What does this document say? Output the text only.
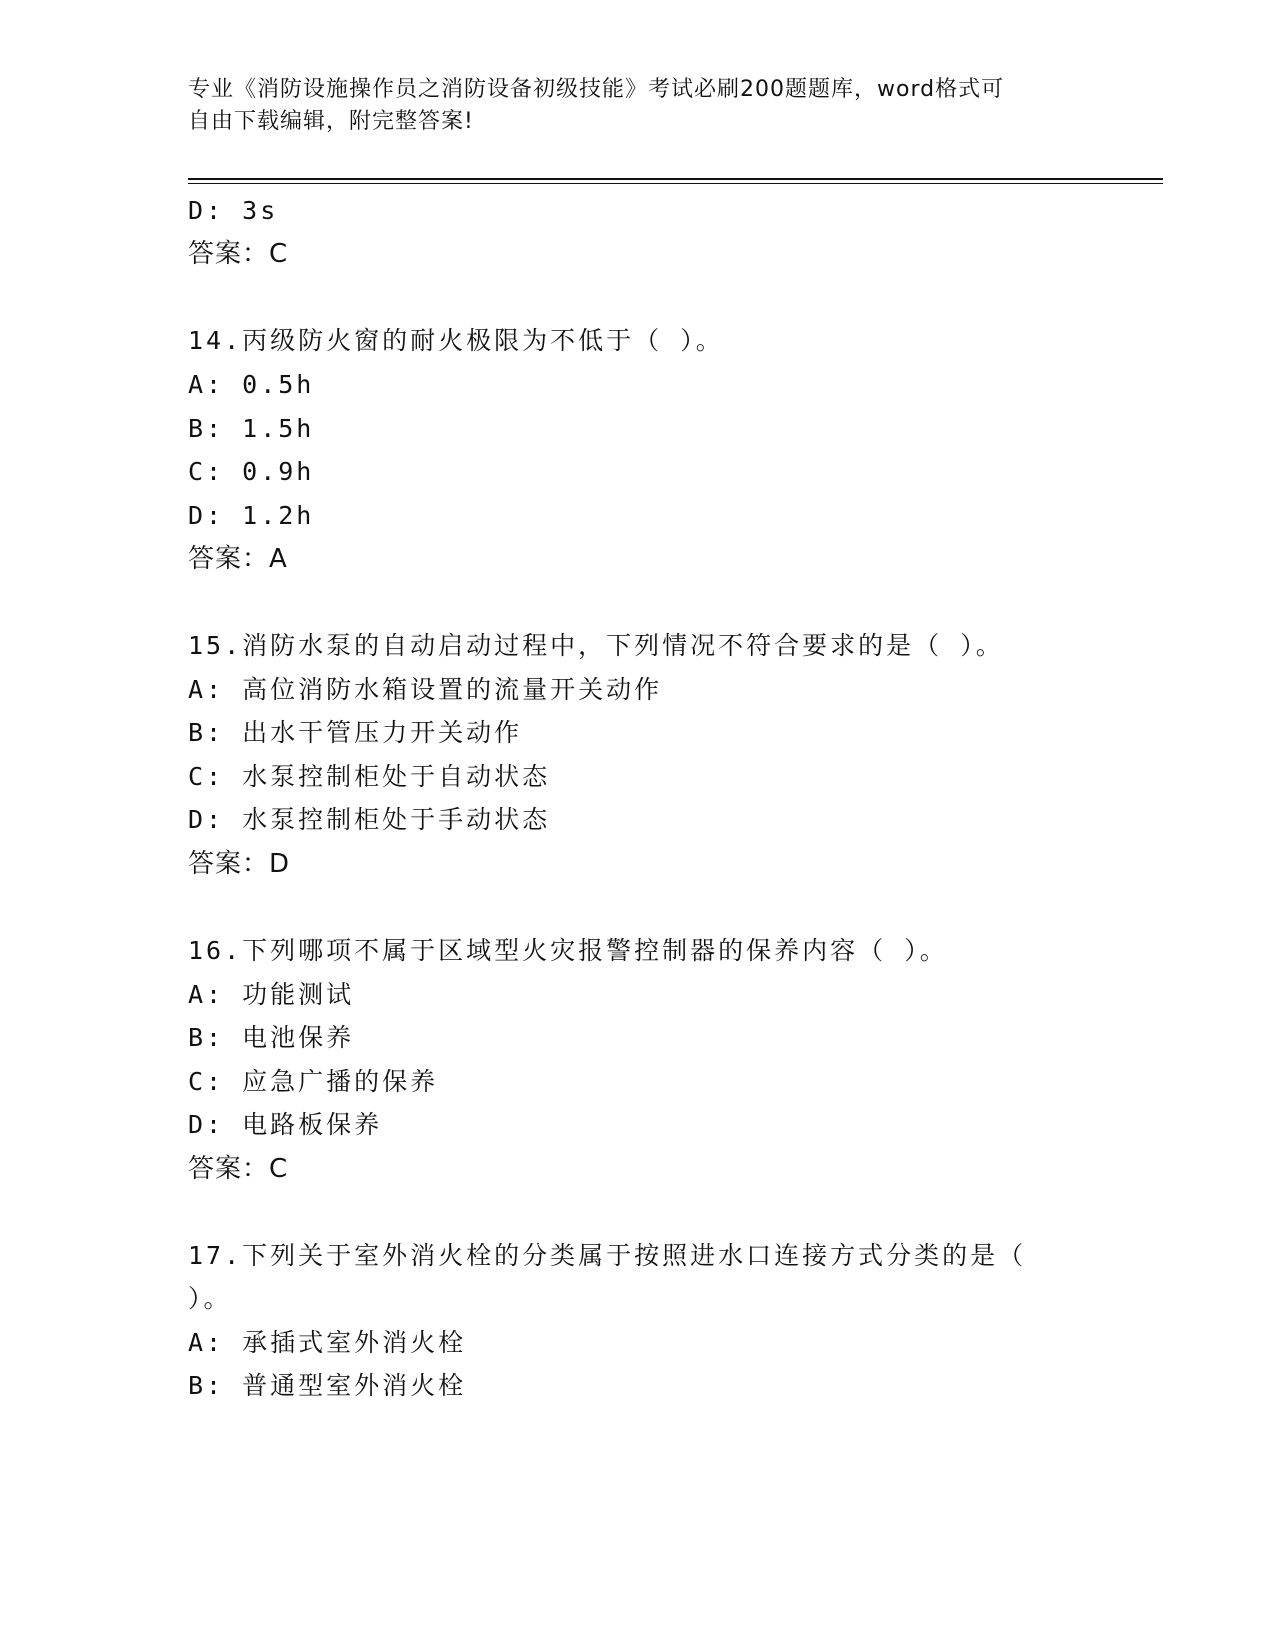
专业《消防设施操作员之消防设备初级技能》考试必刷200题题库，word格式可
自由下载编辑，附完整答案!
D: 3s
答案：C
14.丙级防火窗的耐火极限为不低于（ ）。
A: 0.5h
B: 1.5h
C: 0.9h
D: 1.2h
答案：A
15.消防水泵的自动启动过程中，下列情况不符合要求的是（ ）。
A: 高位消防水箱设置的流量开关动作
B: 出水干管压力开关动作
C: 水泵控制柜处于自动状态
D: 水泵控制柜处于手动状态
答案：D
16.下列哪项不属于区域型火灾报警控制器的保养内容（ ）。
A: 功能测试
B: 电池保养
C: 应急广播的保养
D: 电路板保养
答案：C
17.下列关于室外消火栓的分类属于按照进水口连接方式分类的是（
）。
A: 承插式室外消火栓
B: 普通型室外消火栓
